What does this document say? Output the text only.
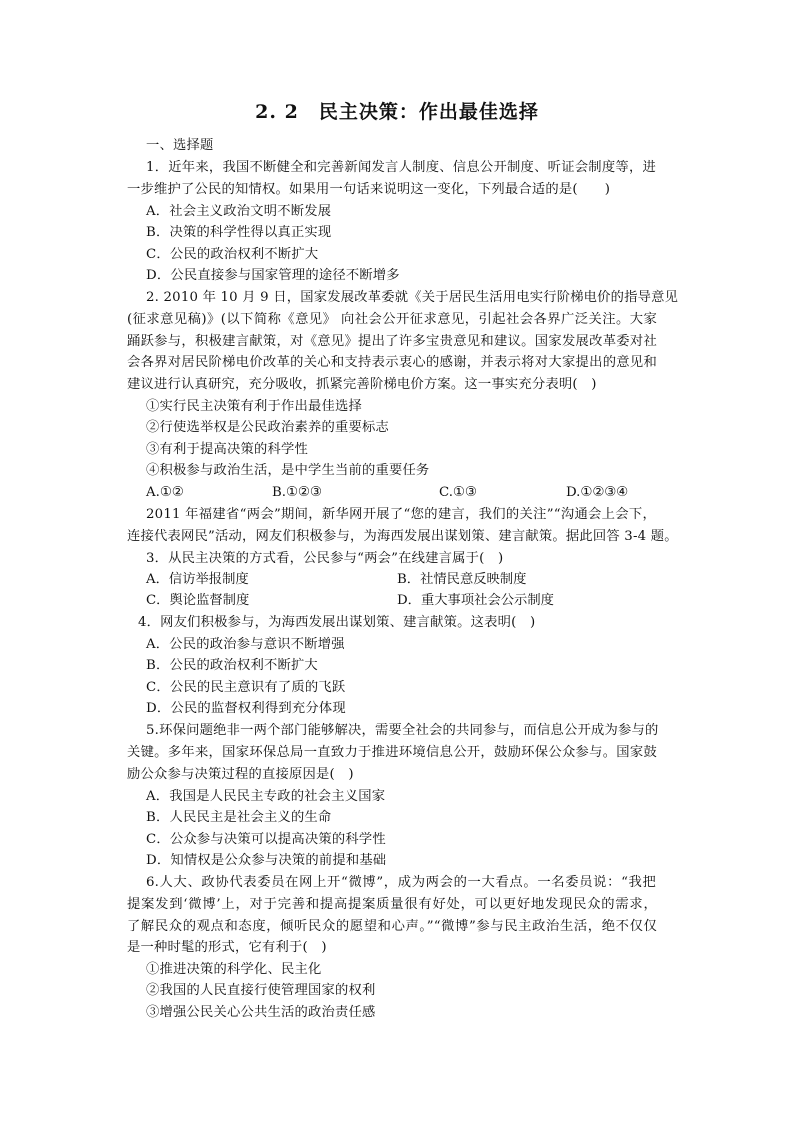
2. 2　民主决策：作出最佳选择
一、选择题
1．近年来，我国不断健全和完善新闻发言人制度、信息公开制度、听证会制度等，进
一步维护了公民的知情权。如果用一句话来说明这一变化，下列最合适的是(　　)
A．社会主义政治文明不断发展
B．决策的科学性得以真正实现
C．公民的政治权利不断扩大
D．公民直接参与国家管理的途径不断增多
2. 2010 年 10 月 9 日，国家发展改革委就《关于居民生活用电实行阶梯电价的指导意见
(征求意见稿)》(以下简称《意见》 向社会公开征求意见，引起社会各界广泛关注。大家
踊跃参与，积极建言献策，对《意见》提出了许多宝贵意见和建议。国家发展改革委对社
会各界对居民阶梯电价改革的关心和支持表示衷心的感谢，并表示将对大家提出的意见和
建议进行认真研究，充分吸收，抓紧完善阶梯电价方案。这一事实充分表明(　)
①实行民主决策有利于作出最佳选择
②行使选举权是公民政治素养的重要标志
③有利于提高决策的科学性
④积极参与政治生活，是中学生当前的重要任务
A.①②	B.①②③	C.①③	D.①②③④
2011 年福建省“两会”期间，新华网开展了“您的建言，我们的关注”“沟通会上会下，
连接代表网民”活动，网友们积极参与，为海西发展出谋划策、建言献策。据此回答 3-4 题。
3．从民主决策的方式看，公民参与“两会”在线建言属于(　)
A．信访举报制度	B．社情民意反映制度
C．舆论监督制度	D．重大事项社会公示制度
4．网友们积极参与，为海西发展出谋划策、建言献策。这表明(　)
A．公民的政治参与意识不断增强
B．公民的政治权利不断扩大
C．公民的民主意识有了质的飞跃
D．公民的监督权利得到充分体现
5.环保问题绝非一两个部门能够解决，需要全社会的共同参与，而信息公开成为参与的
关键。多年来，国家环保总局一直致力于推进环境信息公开，鼓励环保公众参与。国家鼓
励公众参与决策过程的直接原因是(　)
A．我国是人民民主专政的社会主义国家
B．人民民主是社会主义的生命
C．公众参与决策可以提高决策的科学性
D．知情权是公众参与决策的前提和基础
6.人大、政协代表委员在网上开“微博”，成为两会的一大看点。一名委员说：“我把
提案发到‘微博’上，对于完善和提高提案质量很有好处，可以更好地发现民众的需求，
了解民众的观点和态度，倾听民众的愿望和心声。”“微博”参与民主政治生活，绝不仅仅
是一种时髦的形式，它有利于(　)
①推进决策的科学化、民主化
②我国的人民直接行使管理国家的权利
③增强公民关心公共生活的政治责任感
